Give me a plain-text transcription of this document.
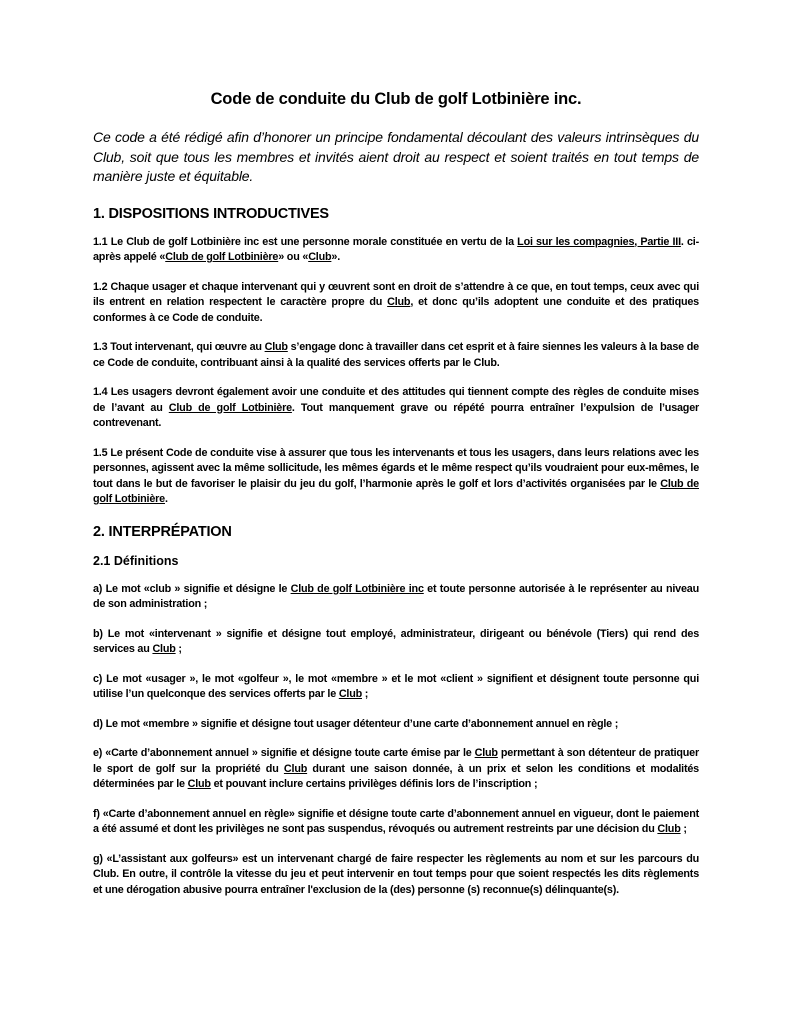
Code de conduite du Club de golf Lotbinière inc.

Ce code a été rédigé afin d’honorer un principe fondamental découlant des valeurs intrinsèques du Club, soit que tous les membres et invités aient droit au respect et soient traités en tout temps de manière juste et équitable.

1. DISPOSITIONS INTRODUCTIVES

1.1 Le Club de golf Lotbinière inc est une personne morale constituée en vertu de la Loi sur les compagnies, Partie III. ci-après appelé «Club de golf Lotbinière» ou «Club».

1.2 Chaque usager et chaque intervenant qui y œuvrent sont en droit de s’attendre à ce que, en tout temps, ceux avec qui ils entrent en relation respectent le caractère propre du Club, et donc qu’ils adoptent une conduite et des pratiques conformes à ce Code de conduite.

1.3 Tout intervenant, qui œuvre au Club s’engage donc à travailler dans cet esprit et à faire siennes les valeurs à la base de ce Code de conduite, contribuant ainsi à la qualité des services offerts par le Club.

1.4 Les usagers devront également avoir une conduite et des attitudes qui tiennent compte des règles de conduite mises de l’avant au Club de golf Lotbinière. Tout manquement grave ou répété pourra entraîner l’expulsion de l’usager contrevenant.

1.5 Le présent Code de conduite vise à assurer que tous les intervenants et tous les usagers, dans leurs relations avec les personnes, agissent avec la même sollicitude, les mêmes égards et le même respect qu’ils voudraient pour eux-mêmes, le tout dans le but de favoriser le plaisir du jeu du golf, l’harmonie après le golf et lors d’activités organisées par le Club de golf Lotbinière.

2. INTERPRÉPATION
2.1 Définitions

a) Le mot «club » signifie et désigne le Club de golf Lotbinière inc et toute personne autorisée à le représenter au niveau de son administration ;

b) Le mot «intervenant » signifie et désigne tout employé, administrateur, dirigeant ou bénévole (Tiers) qui rend des services au Club ;

c) Le mot «usager », le mot «golfeur », le mot «membre » et le mot «client » signifient et désignent toute personne qui utilise l’un quelconque des services offerts par le Club ;

d) Le mot «membre » signifie et désigne tout usager détenteur d’une carte d’abonnement annuel en règle ;

e) «Carte d’abonnement annuel » signifie et désigne toute carte émise par le Club permettant à son détenteur de pratiquer le sport de golf sur la propriété du Club durant une saison donnée, à un prix et selon les conditions et modalités déterminées par le Club et pouvant inclure certains privilèges définis lors de l’inscription ;

f) «Carte d’abonnement annuel en règle» signifie et désigne toute carte d’abonnement annuel en vigueur, dont le paiement a été assumé et dont les privilèges ne sont pas suspendus, révoqués ou autrement restreints par une décision du Club ;

g) «L’assistant aux golfeurs» est un intervenant chargé de faire respecter les règlements au nom et sur les parcours du Club. En outre, il contrôle la vitesse du jeu et peut intervenir en tout temps pour que soient respectés les dits règlements et une dérogation abusive pourra entraîner l'exclusion de la (des) personne (s) reconnue(s) délinquante(s).
